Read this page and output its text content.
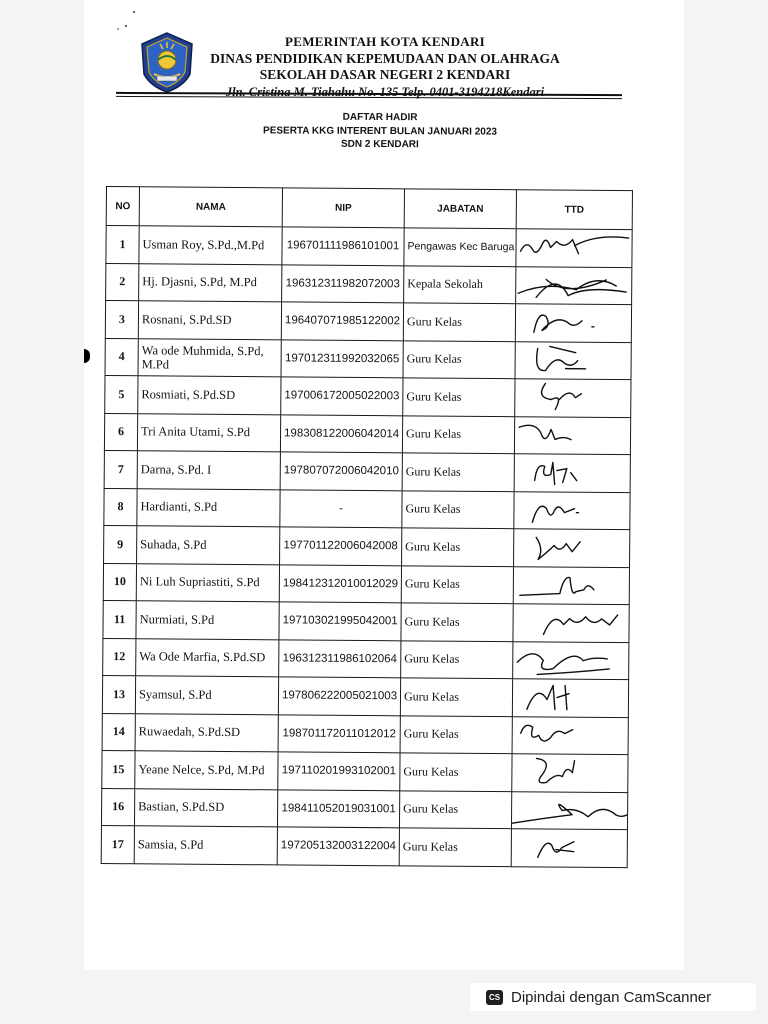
PEMERINTAH KOTA KENDARI
DINAS PENDIDIKAN KEPEMUDAAN DAN OLAHRAGA
SEKOLAH DASAR NEGERI 2 KENDARI
Jln. Cristina M. Tiahahu No. 135 Telp. 0401-3194218Kendari
DAFTAR HADIR
PESERTA KKG INTERENT BULAN JANUARI 2023
SDN 2 KENDARI
NO	NAMA	NIP	JABATAN	TTD
1	Usman Roy, S.Pd.,M.Pd	196701111986101001	Pengawas Kec Baruga	

2	Hj. Djasni, S.Pd, M.Pd	196312311982072003	Kepala Sekolah	

3	Rosnani, S.Pd.SD	196407071985122002	Guru Kelas	

4	Wa ode Muhmida, S.Pd, M.Pd	197012311992032065	Guru Kelas	

5	Rosmiati, S.Pd.SD	197006172005022003	Guru Kelas	

6	Tri Anita Utami, S.Pd	198308122006042014	Guru Kelas	

7	Darna, S.Pd. I	197807072006042010	Guru Kelas	

8	Hardianti, S.Pd	-	Guru Kelas	

9	Suhada, S.Pd	197701122006042008	Guru Kelas	

10	Ni Luh Supriastiti, S.Pd	198412312010012029	Guru Kelas	

11	Nurmiati, S.Pd	197103021995042001	Guru Kelas	

12	Wa Ode Marfia, S.Pd.SD	196312311986102064	Guru Kelas	

13	Syamsul, S.Pd	197806222005021003	Guru Kelas	

14	Ruwaedah, S.Pd.SD	198701172011012012	Guru Kelas	

15	Yeane Nelce, S.Pd, M.Pd	197110201993102001	Guru Kelas	

16	Bastian, S.Pd.SD	198411052019031001	Guru Kelas	

17	Samsia, S.Pd	197205132003122004	Guru Kelas	
CS Dipindai dengan CamScanner
